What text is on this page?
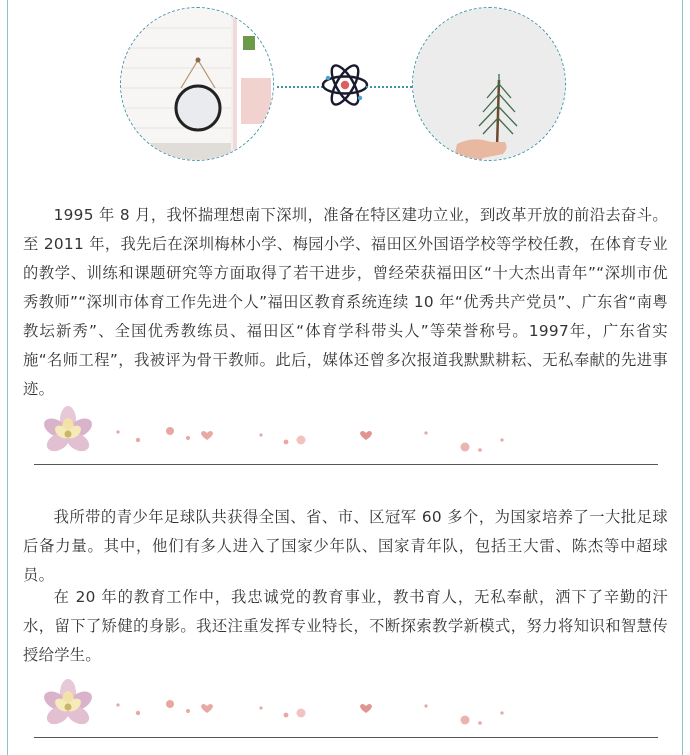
1995 年 8 月，我怀揣理想南下深圳，准备在特区建功立业，到改革开放的前沿去奋斗。至 2011 年，我先后在深圳梅林小学、梅园小学、福田区外国语学校等学校任教，在体育专业的教学、训练和课题研究等方面取得了若干进步，曾经荣获福田区“十大杰出青年”“深圳市优秀教师”“深圳市体育工作先进个人”福田区教育系统连续 10 年“优秀共产党员”、广东省“南粤教坛新秀”、全国优秀教练员、福田区“体育学科带头人”等荣誉称号。1997年，广东省实施“名师工程”，我被评为骨干教师。此后，媒体还曾多次报道我默默耕耘、无私奉献的先进事迹。

我所带的青少年足球队共获得全国、省、市、区冠军 60 多个，为国家培养了一大批足球后备力量。其中，他们有多人进入了国家少年队、国家青年队，包括王大雷、陈杰等中超球员。

在 20 年的教育工作中，我忠诚党的教育事业，教书育人，无私奉献，洒下了辛勤的汗水，留下了矫健的身影。我还注重发挥专业特长，不断探索教学新模式，努力将知识和智慧传授给学生。
